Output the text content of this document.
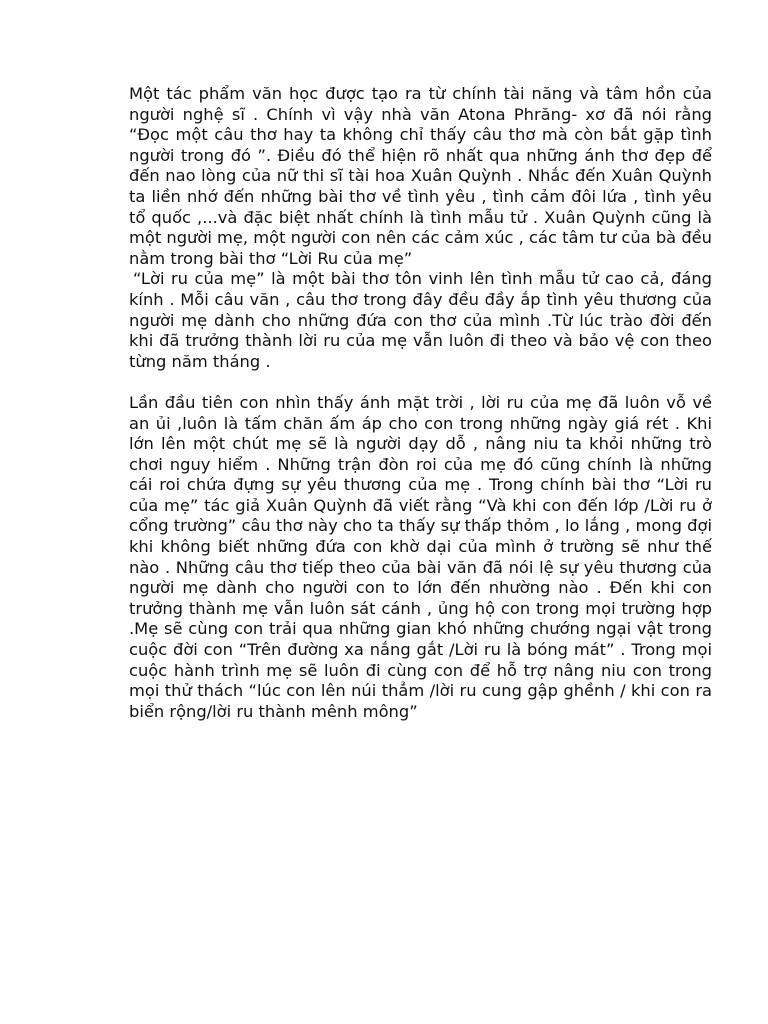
Một tác phẩm văn học được tạo ra từ chính tài năng và tâm hồn của người nghệ sĩ . Chính vì vậy nhà văn Atona Phrăng- xơ đã nói rằng “Đọc một câu thơ hay ta không chỉ thấy câu thơ mà còn bắt gặp tình người trong đó ”. Điều đó thể hiện rõ nhất qua những ánh thơ đẹp để đến nao lòng của nữ thi sĩ tài hoa Xuân Quỳnh . Nhắc đến Xuân Quỳnh ta liền nhớ đến những bài thơ về tình yêu , tình cảm đôi lứa , tình yêu tổ quốc ,...và đặc biệt nhất chính là tình mẫu tử . Xuân Quỳnh cũng là một người mẹ, một người con nên các cảm xúc , các tâm tư của bà đều nằm trong bài thơ “Lời Ru của mẹ”

“Lời ru của mẹ” là một bài thơ tôn vinh lên tình mẫu tử cao cả, đáng kính . Mỗi câu văn , câu thơ trong đây đều đầy ắp tình yêu thương của người mẹ dành cho những đứa con thơ của mình .Từ lúc trào đời đến khi đã trưởng thành lời ru của mẹ vẫn luôn đi theo và bảo vệ con theo từng năm tháng .

Lần đầu tiên con nhìn thấy ánh mặt trời , lời ru của mẹ đã luôn vỗ về an ủi ,luôn là tấm chăn ấm áp cho con trong những ngày giá rét . Khi lớn lên một chút mẹ sẽ là người dạy dỗ , nâng niu ta khỏi những trò chơi nguy hiểm . Những trận đòn roi của mẹ đó cũng chính là những cái roi chứa đựng sự yêu thương của mẹ . Trong chính bài thơ “Lời ru của mẹ” tác giả Xuân Quỳnh đã viết rằng “Và khi con đến lớp /Lời ru ở cổng trường” câu thơ này cho ta thấy sự thấp thỏm , lo lắng , mong đợi khi không biết những đứa con khờ dại của mình ở trường sẽ như thế nào . Những câu thơ tiếp theo của bài văn đã nói lệ sự yêu thương của người mẹ dành cho người con to lớn đến nhường nào . Đến khi con trưởng thành mẹ vẫn luôn sát cánh , ủng hộ con trong mọi trường hợp .Mẹ sẽ cùng con trải qua những gian khó những chướng ngại vật trong cuộc đời con “Trên đường xa nắng gắt /Lời ru là bóng mát” . Trong mọi cuộc hành trình mẹ sẽ luôn đi cùng con để hỗ trợ nâng niu con trong mọi thử thách “lúc con lên núi thẳm /lời ru cung gập ghềnh / khi con ra biển rộng/lời ru thành mênh mông”
